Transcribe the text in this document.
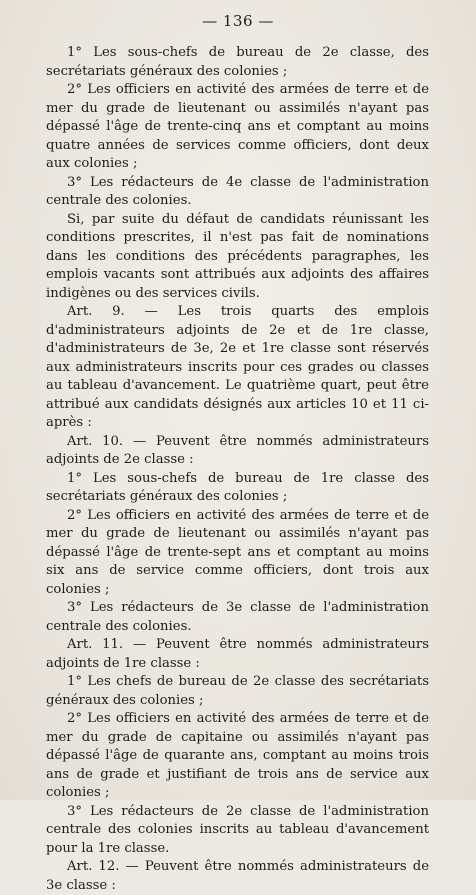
— 136 —

1° Les sous-chefs de bureau de 2e classe, des secrétariats généraux des colonies ;

2° Les officiers en activité des armées de terre et de mer du grade de lieutenant ou assimilés n'ayant pas dépassé l'âge de trente-cinq ans et comptant au moins quatre années de services comme officiers, dont deux aux colonies ;

3° Les rédacteurs de 4e classe de l'administration centrale des colonies.

Si, par suite du défaut de candidats réunissant les conditions prescrites, il n'est pas fait de nominations dans les conditions des précédents paragraphes, les emplois vacants sont attribués aux adjoints des affaires indigènes ou des services civils.

Art. 9. — Les trois quarts des emplois d'administrateurs adjoints de 2e et de 1re classe, d'administrateurs de 3e, 2e et 1re classe sont réservés aux administrateurs inscrits pour ces grades ou classes au tableau d'avancement. Le quatrième quart, peut être attribué aux candidats désignés aux articles 10 et 11 ci-après :

Art. 10. — Peuvent être nommés administrateurs adjoints de 2e classe :

1° Les sous-chefs de bureau de 1re classe des secrétariats généraux des colonies ;

2° Les officiers en activité des armées de terre et de mer du grade de lieutenant ou assimilés n'ayant pas dépassé l'âge de trente-sept ans et comptant au moins six ans de service comme officiers, dont trois aux colonies ;

3° Les rédacteurs de 3e classe de l'administration centrale des colonies.

Art. 11. — Peuvent être nommés administrateurs adjoints de 1re classe :

1° Les chefs de bureau de 2e classe des secrétariats généraux des colonies ;

2° Les officiers en activité des armées de terre et de mer du grade de capitaine ou assimilés n'ayant pas dépassé l'âge de quarante ans, comptant au moins trois ans de grade et justifiant de trois ans de service aux colonies ;

3° Les rédacteurs de 2e classe de l'administration centrale des colonies inscrits au tableau d'avancement pour la 1re classe.

Art. 12. — Peuvent être nommés administrateurs de 3e classe :
